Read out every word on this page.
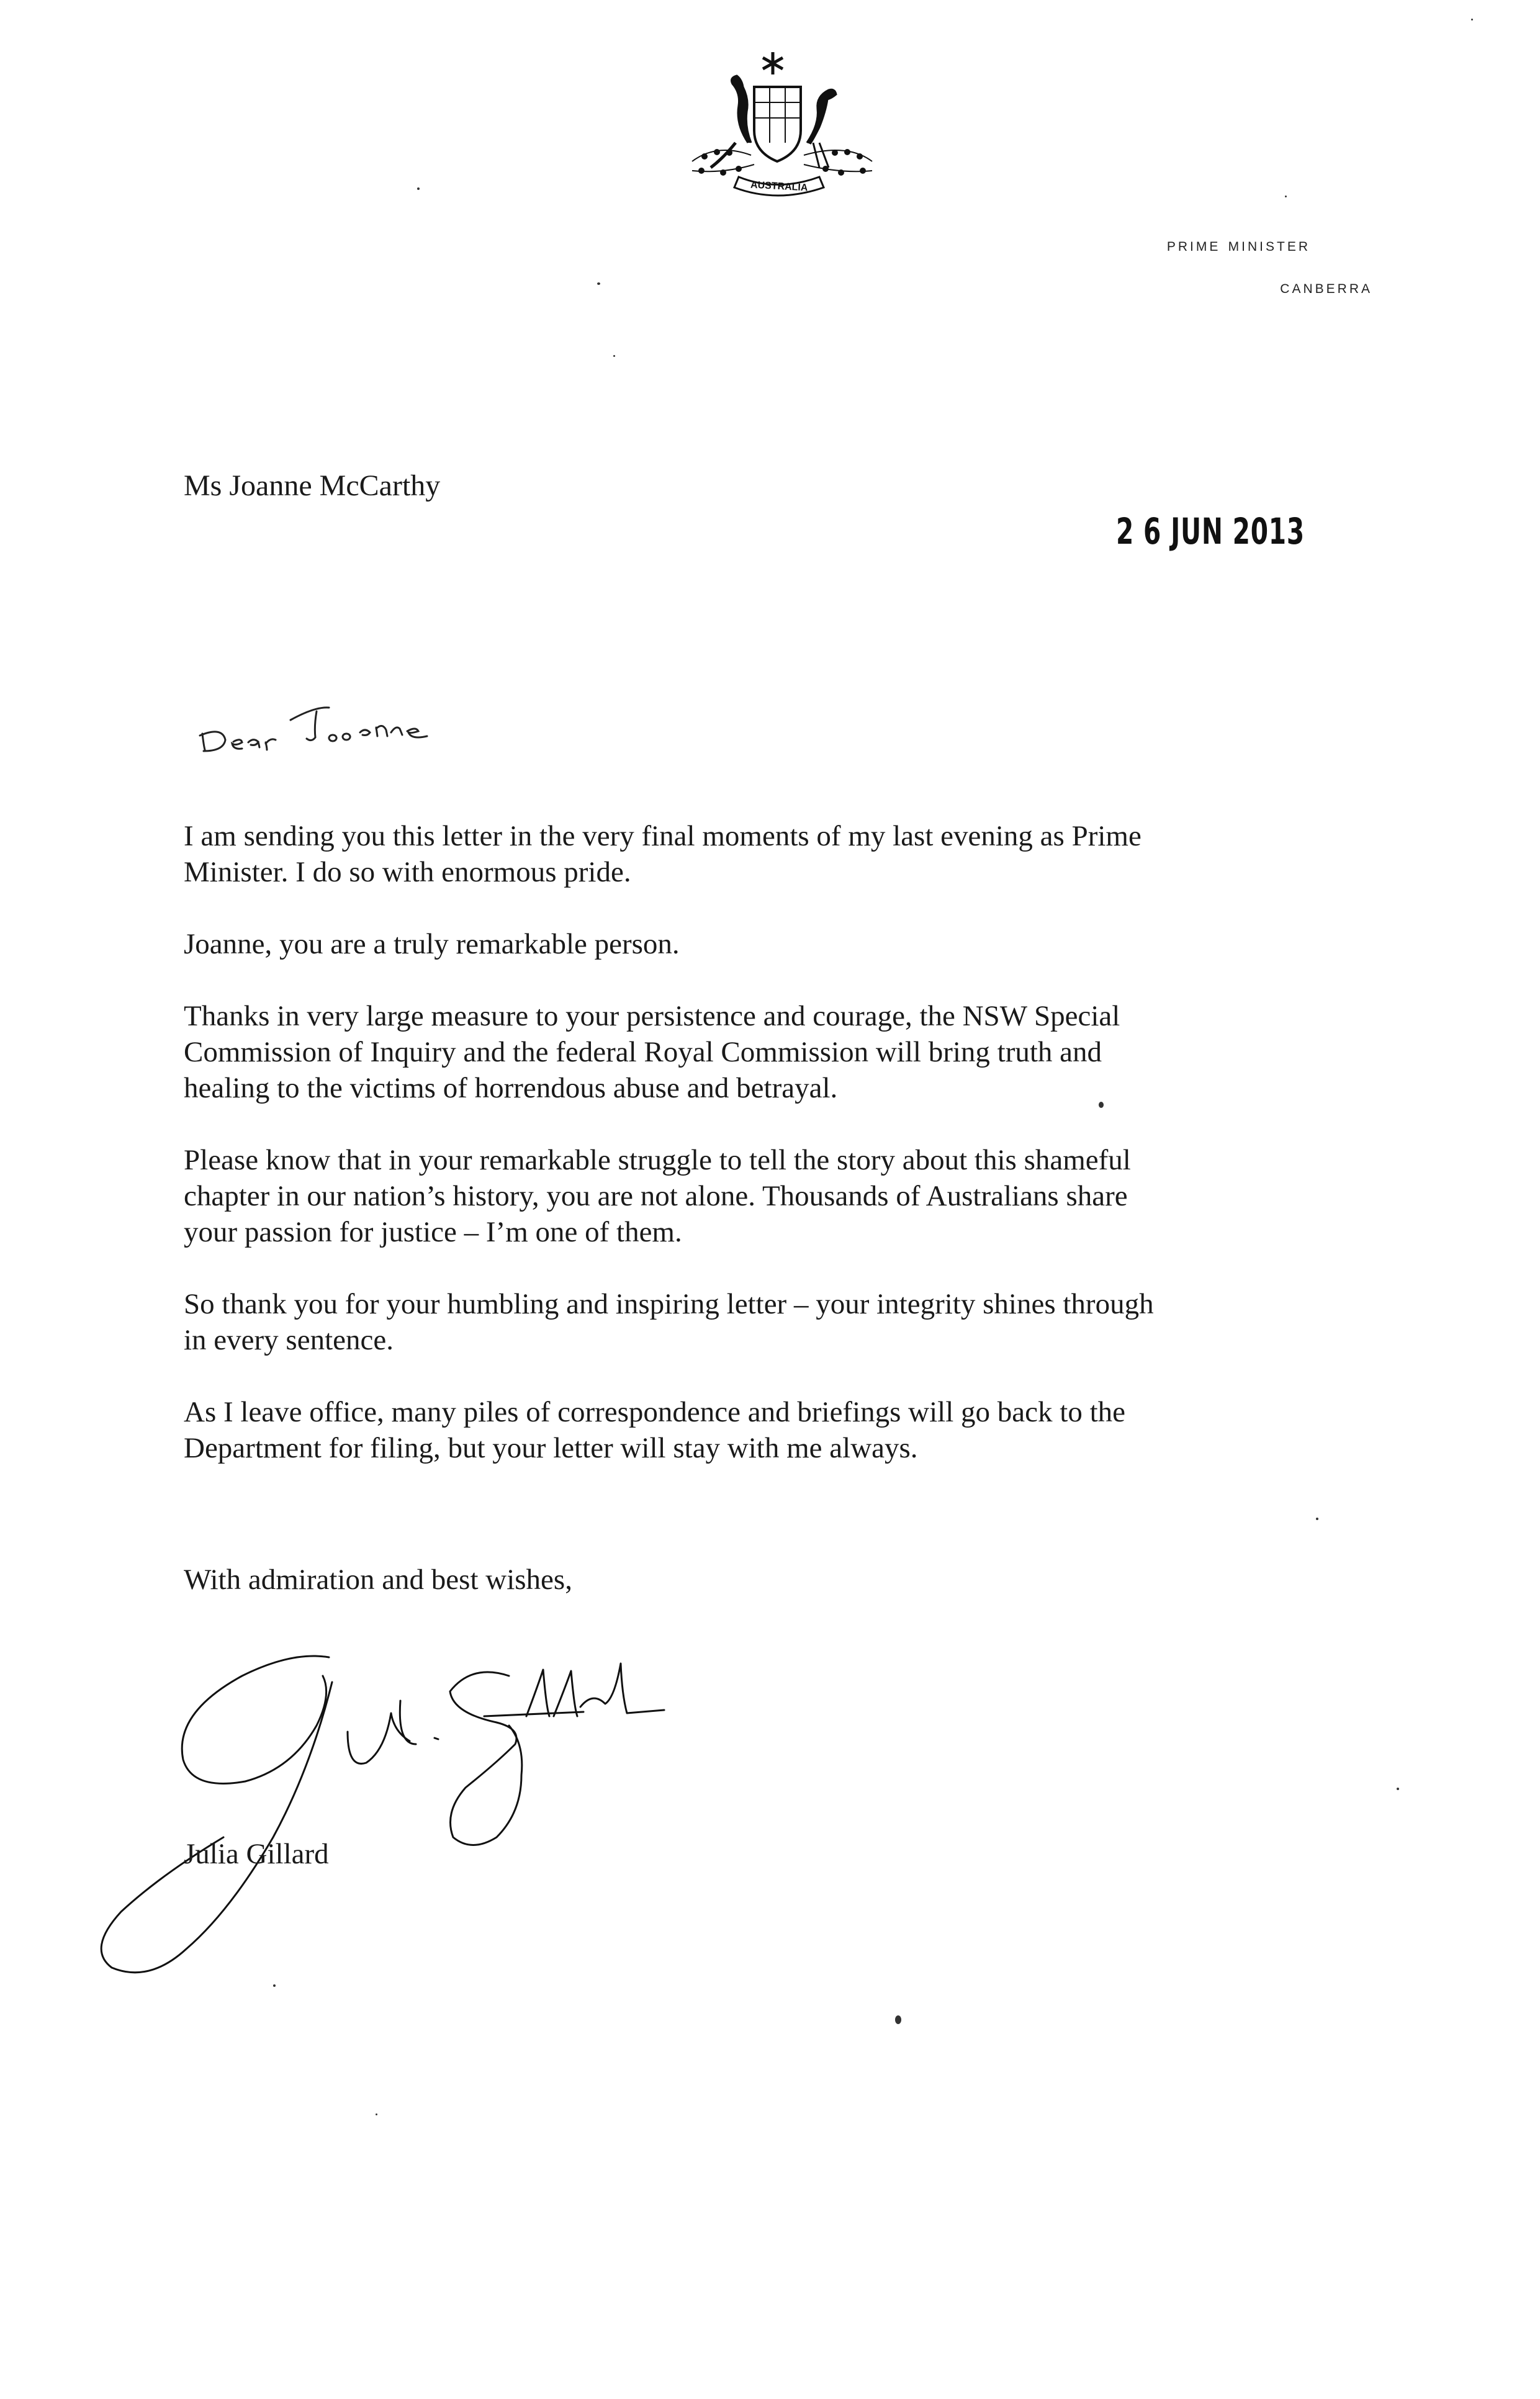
AUSTRALIA
prime minister
canberra
Ms Joanne McCarthy
2 6 JUN 2013

I am sending you this letter in the very final moments of my last evening as Prime
Minister. I do so with enormous pride.

Joanne, you are a truly remarkable person.

Thanks in very large measure to your persistence and courage, the NSW Special
Commission of Inquiry and the federal Royal Commission will bring truth and
healing to the victims of horrendous abuse and betrayal.

Please know that in your remarkable struggle to tell the story about this shameful
chapter in our nation’s history, you are not alone. Thousands of Australians share
your passion for justice – I’m one of them.

So thank you for your humbling and inspiring letter – your integrity shines through
in every sentence.

As I leave office, many piles of correspondence and briefings will go back to the
Department for filing, but your letter will stay with me always.

With admiration and best wishes,
Julia Gillard
